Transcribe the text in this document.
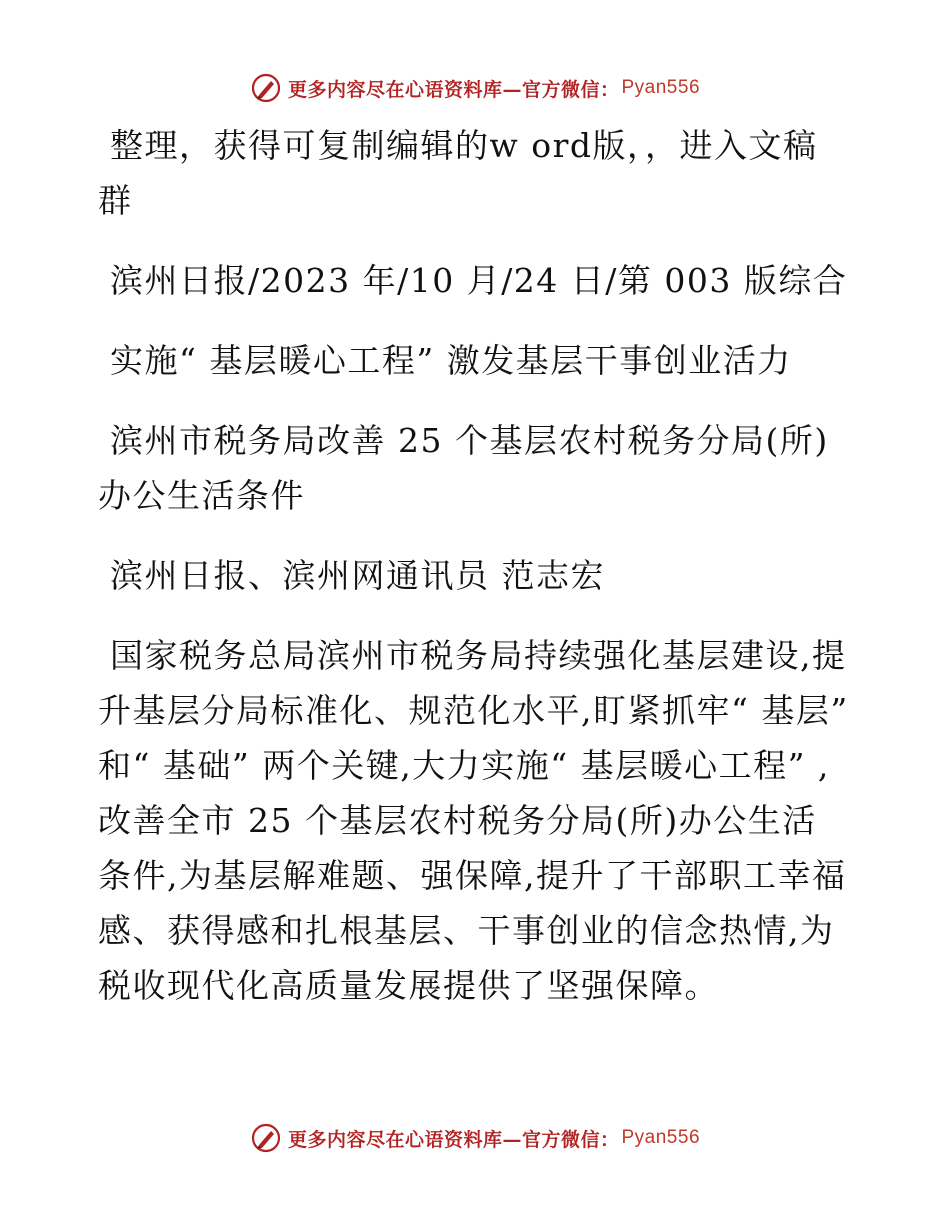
更多内容尽在心语资料库—官方微信： Pyan556

整理，获得可复制编辑的w ord版，，进入文稿群

滨州日报/2023 年/10 月/24 日/第 003 版综合

实施“ 基层暖心工程” 激发基层干事创业活力

滨州市税务局改善 25 个基层农村税务分局(所)办公生活条件

滨州日报、滨州网通讯员 范志宏

国家税务总局滨州市税务局持续强化基层建设,提升基层分局标准化、规范化水平,盯紧抓牢“ 基层” 和“ 基础” 两个关键,大力实施“ 基层暖心工程” ,改善全市 25 个基层农村税务分局(所)办公生活条件,为基层解难题、强保障,提升了干部职工幸福感、获得感和扎根基层、干事创业的信念热情,为税收现代化高质量发展提供了坚强保障。

更多内容尽在心语资料库—官方微信： Pyan556
